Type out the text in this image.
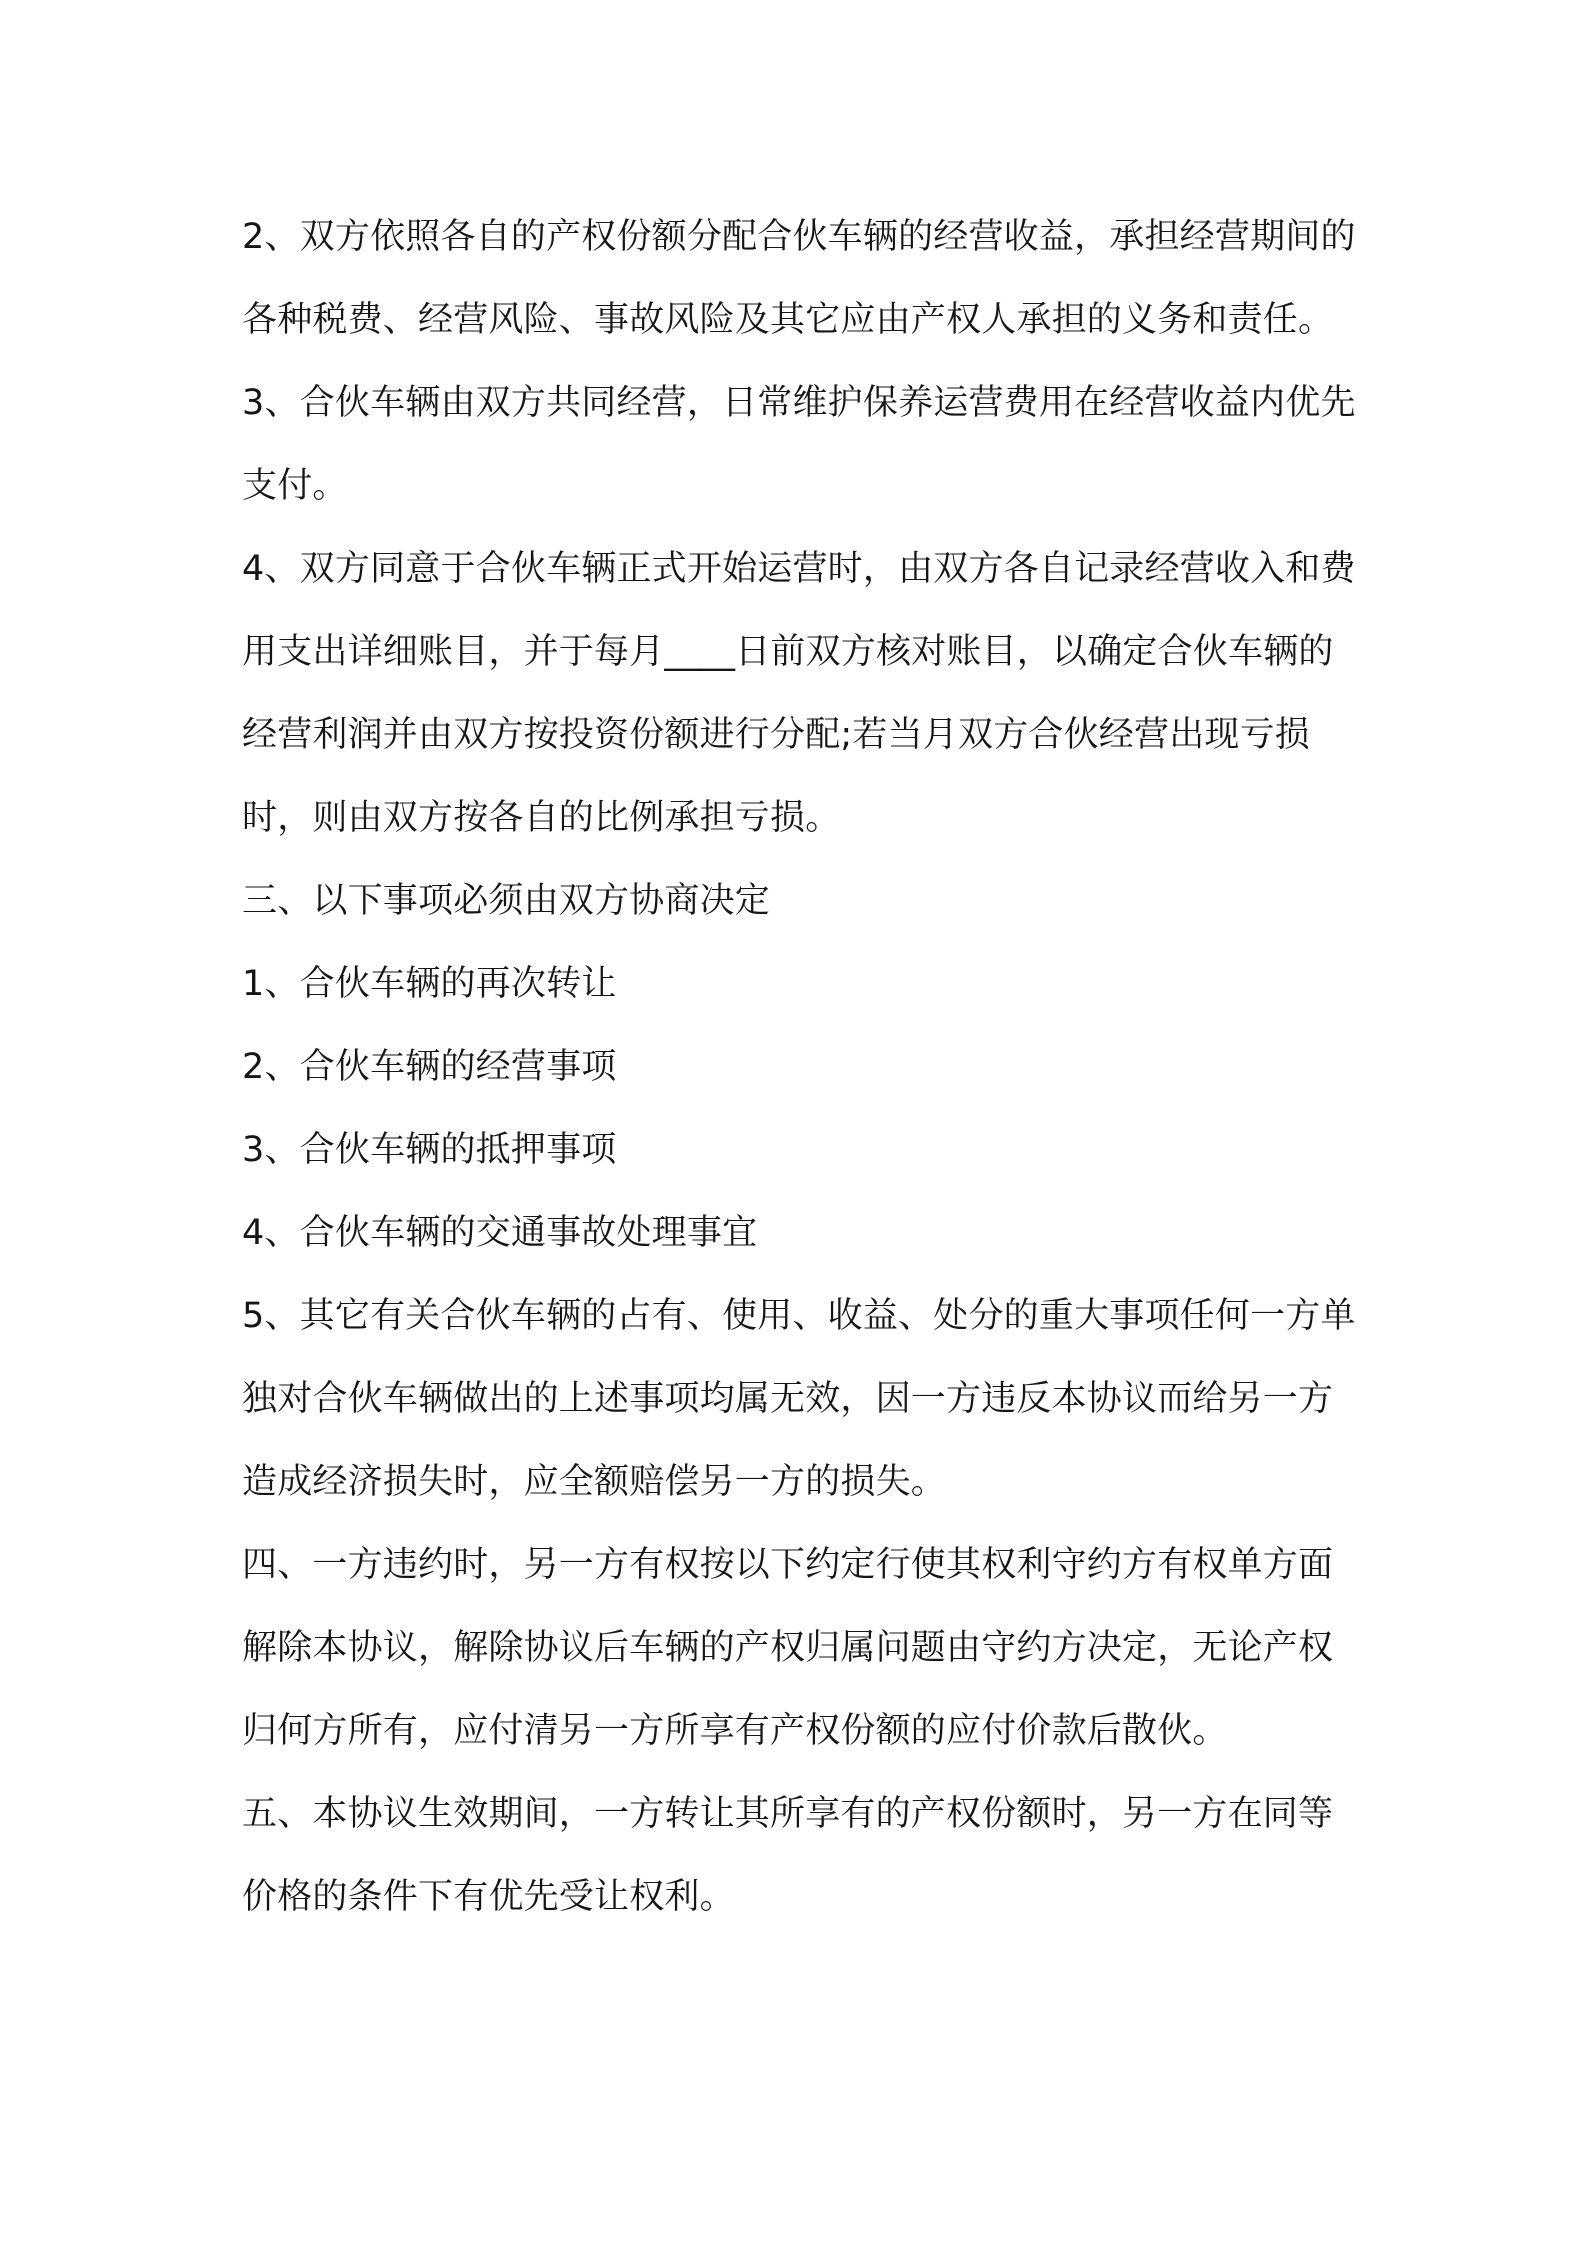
2、双方依照各自的产权份额分配合伙车辆的经营收益，承担经营期间的各种税费、经营风险、事故风险及其它应由产权人承担的义务和责任。

3、合伙车辆由双方共同经营，日常维护保养运营费用在经营收益内优先支付。

4、双方同意于合伙车辆正式开始运营时，由双方各自记录经营收入和费用支出详细账目，并于每月____日前双方核对账目，以确定合伙车辆的经营利润并由双方按投资份额进行分配;若当月双方合伙经营出现亏损时，则由双方按各自的比例承担亏损。

三、以下事项必须由双方协商决定

1、合伙车辆的再次转让

2、合伙车辆的经营事项

3、合伙车辆的抵押事项

4、合伙车辆的交通事故处理事宜

5、其它有关合伙车辆的占有、使用、收益、处分的重大事项任何一方单独对合伙车辆做出的上述事项均属无效，因一方违反本协议而给另一方造成经济损失时，应全额赔偿另一方的损失。

四、一方违约时，另一方有权按以下约定行使其权利守约方有权单方面解除本协议，解除协议后车辆的产权归属问题由守约方决定，无论产权归何方所有，应付清另一方所享有产权份额的应付价款后散伙。

五、本协议生效期间，一方转让其所享有的产权份额时，另一方在同等价格的条件下有优先受让权利。
